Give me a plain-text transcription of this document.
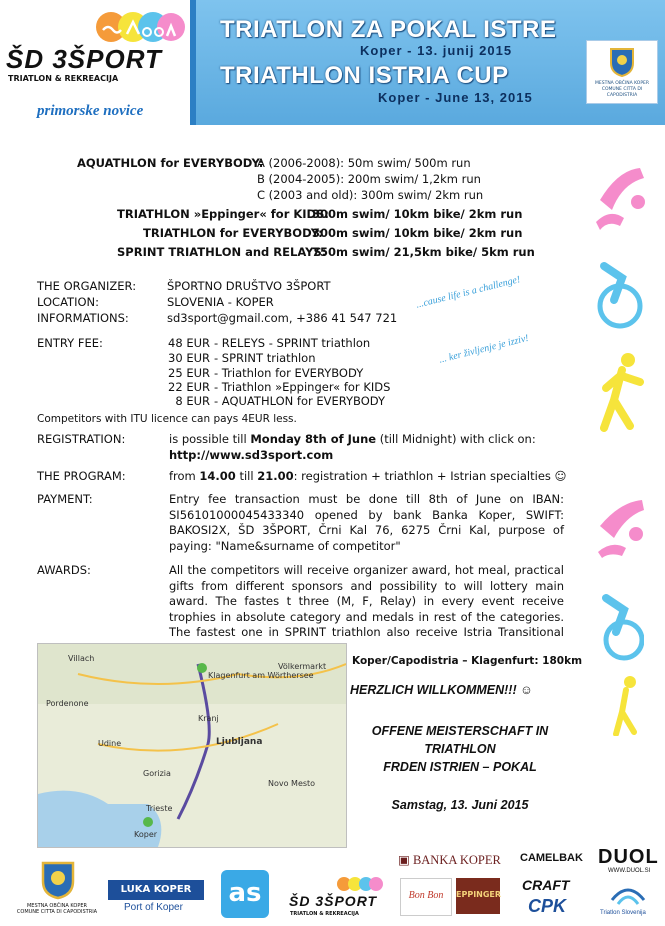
ŠD 3ŠPORT
TRIATLON & REKREACIJA
primorske novice
TRIATLON ZA POKAL ISTRE
Koper - 13. junij 2015
TRIATHLON ISTRIA CUP
Koper - June 13, 2015
MESTNA OBČINA KOPER COMUNE CITTA DI CAPODISTRIA
AQUATHLON for EVERYBODY:
A (2006-2008): 50m swim/ 500m run
B (2004-2005): 200m swim/ 1,2km run
C (2003 and old): 300m swim/ 2km run
TRIATHLON »Eppinger« for KIDS:
300m swim/ 10km bike/ 2km run
TRIATHLON for EVERYBODY:
300m swim/ 10km bike/ 2km run
SPRINT TRIATHLON and RELAYS:
750m swim/ 21,5km bike/ 5km run
THE ORGANIZER:	ŠPORTNO DRUŠTVO 3ŠPORT
LOCATION:	SLOVENIA - KOPER
INFORMATIONS:	sd3sport@gmail.com, +386 41 547 721
...cause life is a challenge!
... ker življenje je izziv!
ENTRY FEE:	48 EUR - RELEYS - SPRINT triathlon
30 EUR - SPRINT triathlon
25 EUR - Triathlon for EVERYBODY
22 EUR - Triathlon »Eppinger« for KIDS
8 EUR - AQUATHLON for EVERYBODY
Competitors with ITU licence can pays 4EUR less.
REGISTRATION:	is possible till Monday 8th of June (till Midnight) with click on:
http://www.sd3sport.com
THE PROGRAM:	from 14.00 till 21.00: registration + triathlon + Istrian specialties ☺
PAYMENT:	Entry fee transaction must be done till 8th of June on IBAN: SI56101000045433340 opened by bank Banka Koper, SWIFT: BAKOSI2X, ŠD 3ŠPORT, Črni Kal 76, 6275 Črni Kal, purpose of paying: "Name&surname of competitor"
AWARDS:	All the competitors will receive organizer award, hot meal, practical gifts from different sponsors and possibility to will lottery main award. The fastes t three (M, F, Relay) in every event receive trophies in absolute category and medals in rest of the categories. The fastest one in SPRINT triathlon also receive Istria Transitional
Villach
Klagenfurt am Wörthersee
Völkermarkt
Udine
Kranj
Ljubljana
Gorizia
Trieste
Koper
Pordenone
Novo Mesto
Koper/Capodistria – Klagenfurt: 180km
HERZLICH WILLKOMMEN!!! ☺
OFFENE MEISTERSCHAFT IN
TRIATHLON
FRDEN ISTRIEN – POKAL
Samstag, 13. Juni 2015
▣ BANKA KOPER CAMELBAK DUOL
WWW.DUOL.SI
MESTNA OBČINA KOPER
COMUNE CITTA DI CAPODISTRIA
LUKA KOPER
Port of Koper as	ŠD 3ŠPORT
TRIATLON & REKREACIJA
Bon Bon	EPPINGER
CRAFT
CPK	Triatlon Slovenija
